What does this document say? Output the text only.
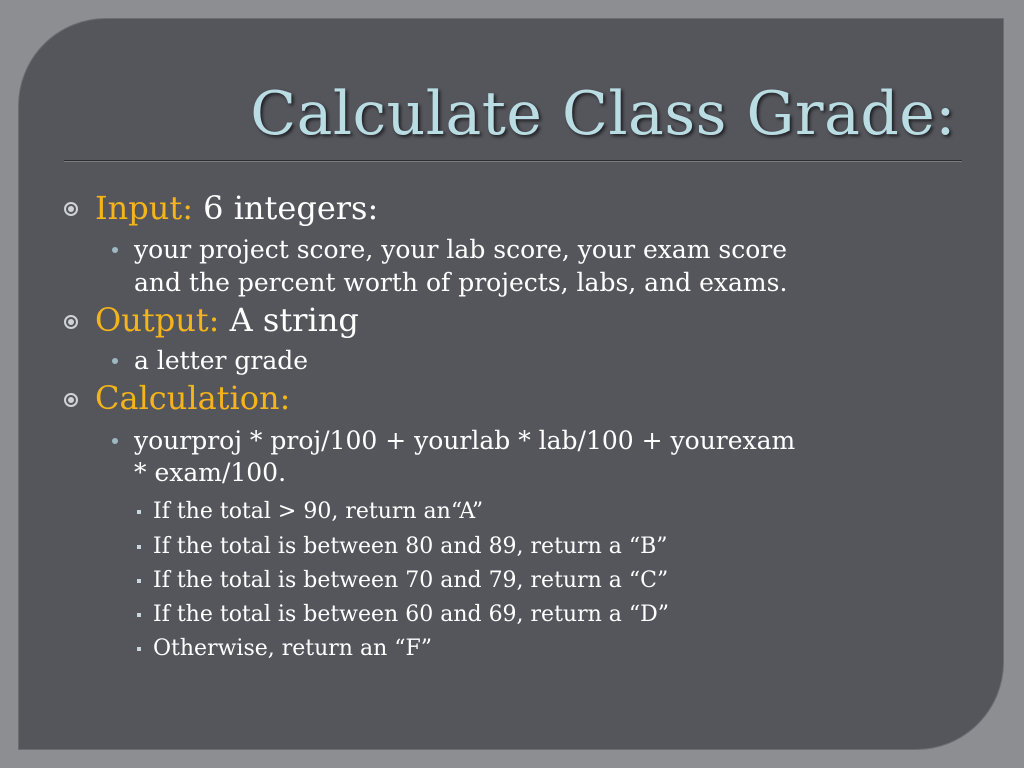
Calculate Class Grade:
Input: 6 integers:
your project score, your lab score, your exam score
and the percent worth of projects, labs, and exams.
Output: A string
a letter grade
Calculation:
yourproj * proj/100 + yourlab * lab/100 + yourexam
* exam/100.
If the total > 90, return an“A”
If the total is between 80 and 89, return a “B”
If the total is between 70 and 79, return a “C”
If the total is between 60 and 69, return a “D”
Otherwise, return an “F”
